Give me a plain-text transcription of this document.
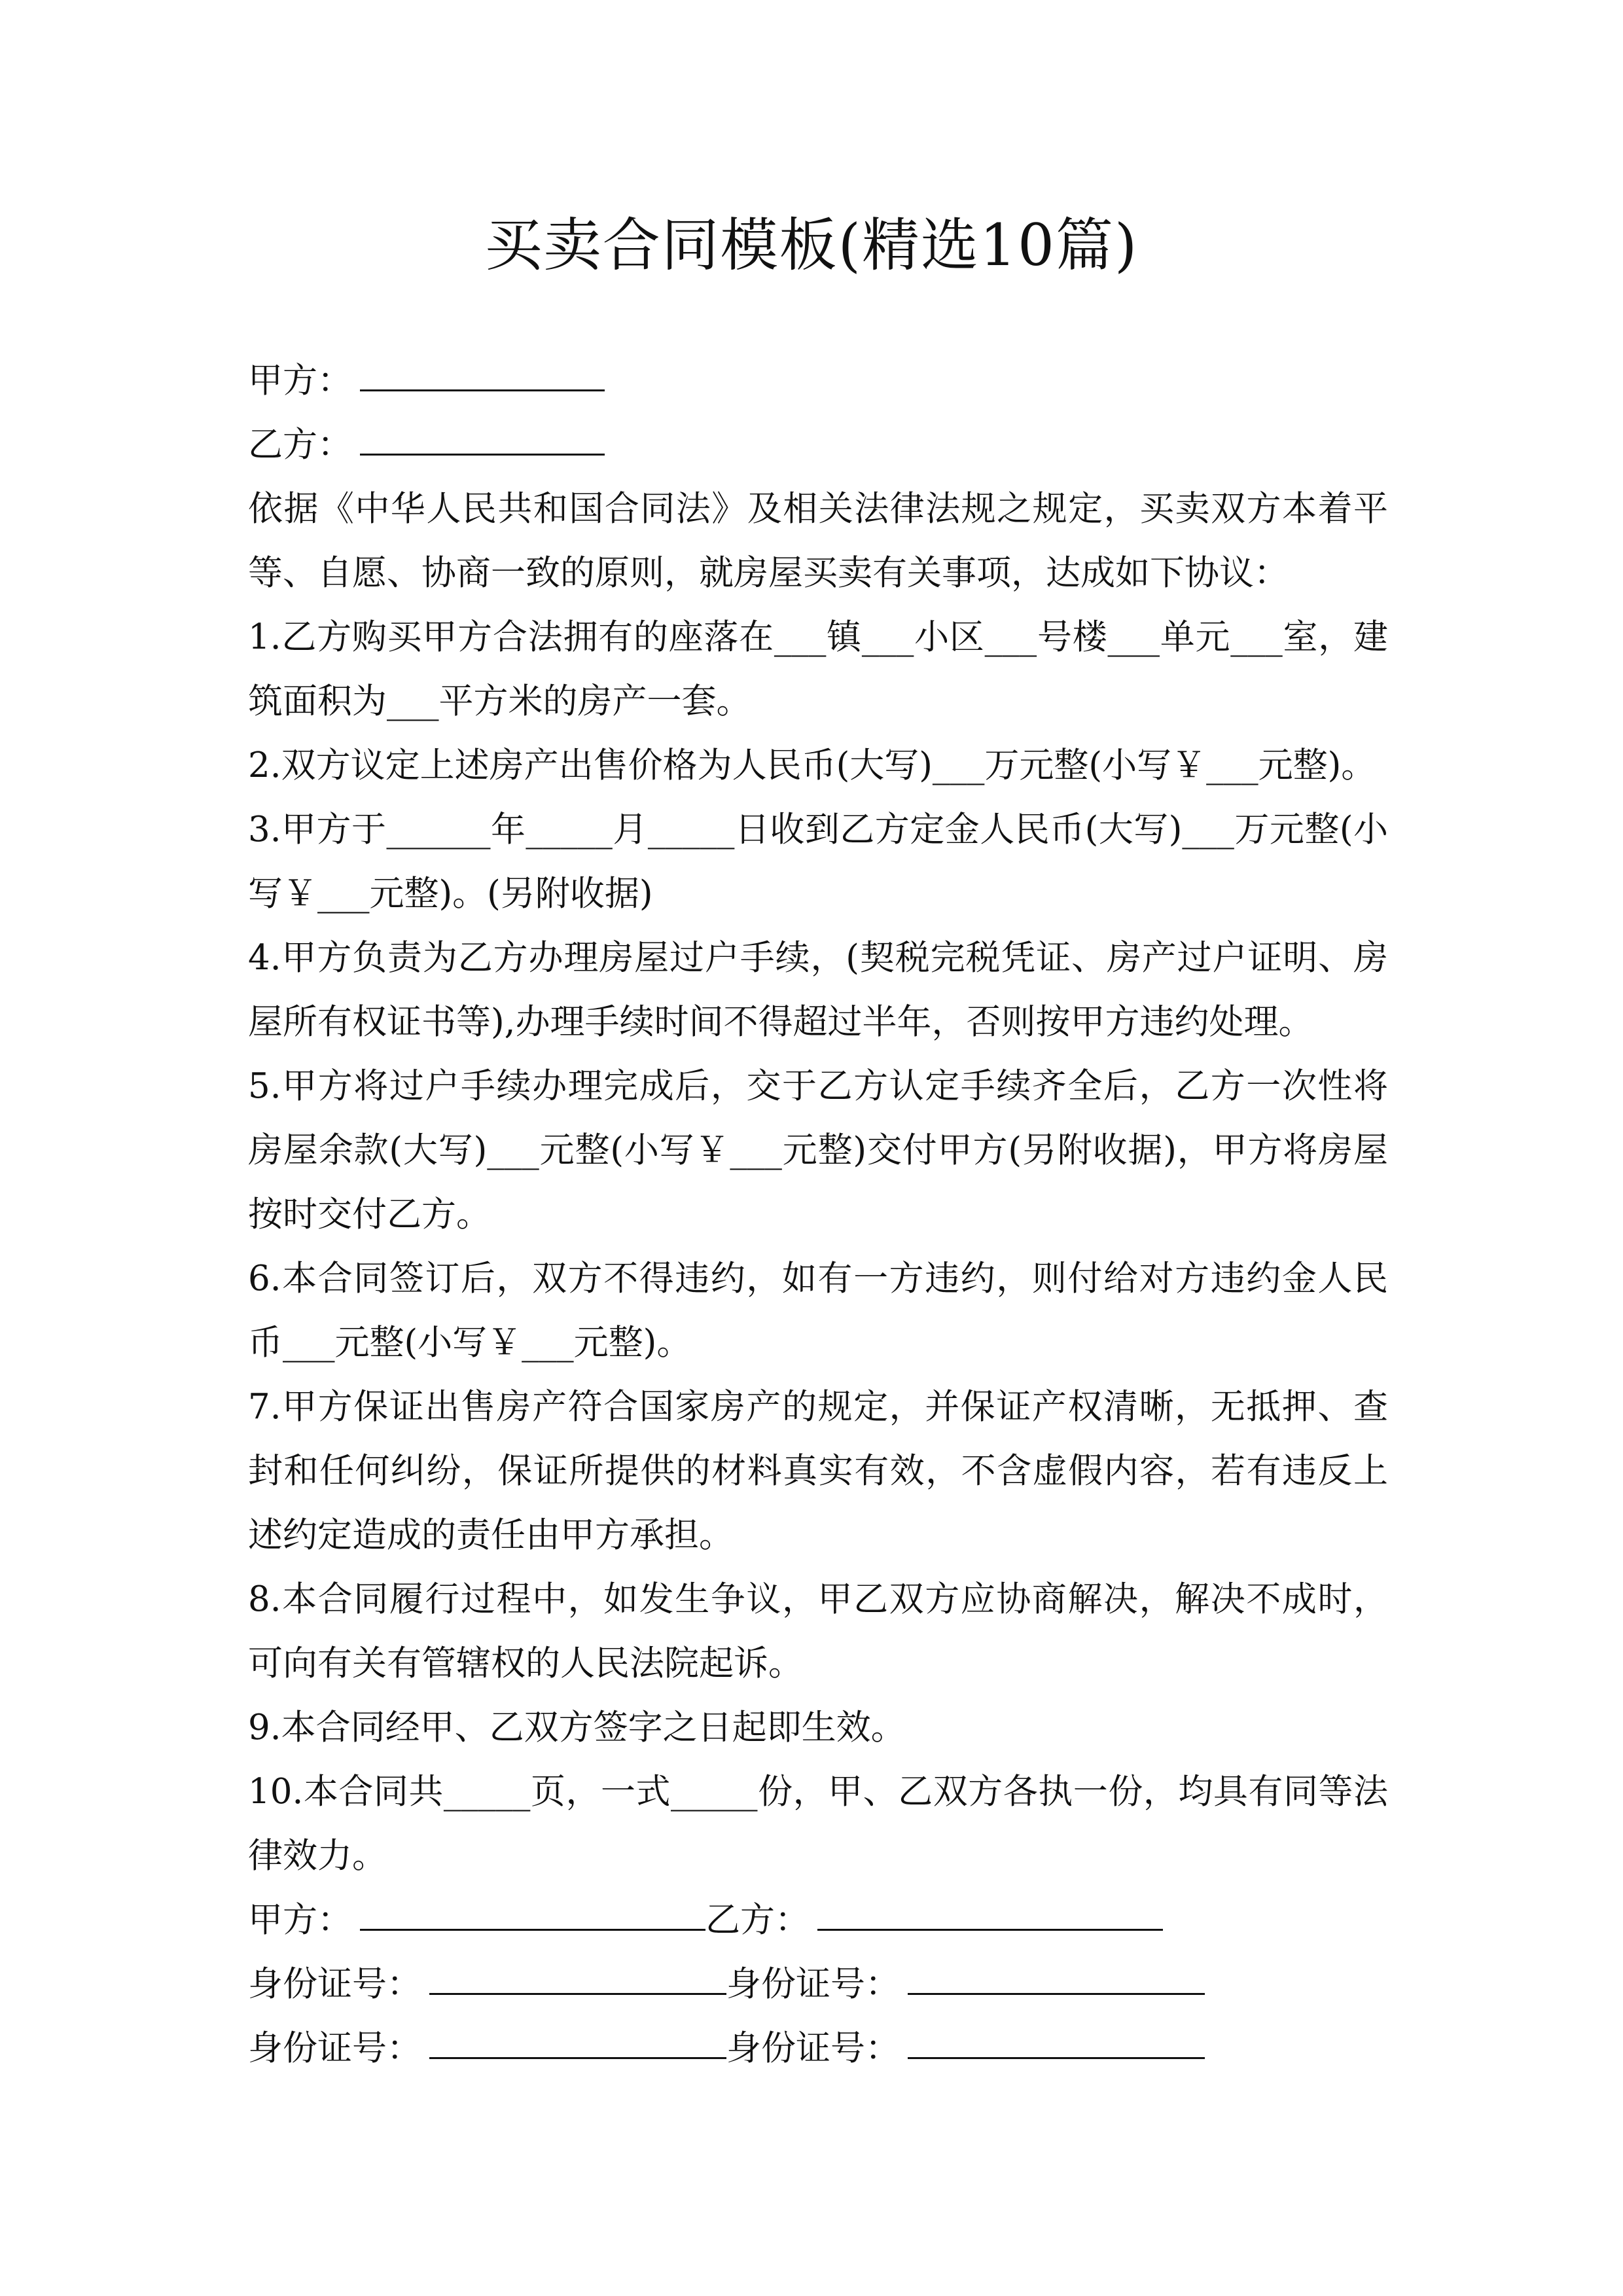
买卖合同模板(精选10篇)
甲方：
乙方：

依据《中华人民共和国合同法》及相关法律法规之规定，买卖双方本着平等、自愿、协商一致的原则，就房屋买卖有关事项，达成如下协议：

1.乙方购买甲方合法拥有的座落在___镇___小区___号楼___单元___室，建筑面积为___平方米的房产一套。

2.双方议定上述房产出售价格为人民币(大写)___万元整(小写￥___元整)。

3.甲方于______年_____月_____日收到乙方定金人民币(大写)___万元整(小写￥___元整)。(另附收据)

4.甲方负责为乙方办理房屋过户手续，(契税完税凭证、房产过户证明、房屋所有权证书等),办理手续时间不得超过半年，否则按甲方违约处理。

5.甲方将过户手续办理完成后，交于乙方认定手续齐全后，乙方一次性将房屋余款(大写)___元整(小写￥___元整)交付甲方(另附收据)，甲方将房屋按时交付乙方。

6.本合同签订后，双方不得违约，如有一方违约，则付给对方违约金人民币___元整(小写￥___元整)。

7.甲方保证出售房产符合国家房产的规定，并保证产权清晰，无抵押、查封和任何纠纷，保证所提供的材料真实有效，不含虚假内容，若有违反上述约定造成的责任由甲方承担。

8.本合同履行过程中，如发生争议，甲乙双方应协商解决，解决不成时，可向有关有管辖权的人民法院起诉。

9.本合同经甲、乙双方签字之日起即生效。

10.本合同共_____页，一式_____份，甲、乙双方各执一份，均具有同等法律效力。

甲方：	乙方：
身份证号：	身份证号：
身份证号：	身份证号：
